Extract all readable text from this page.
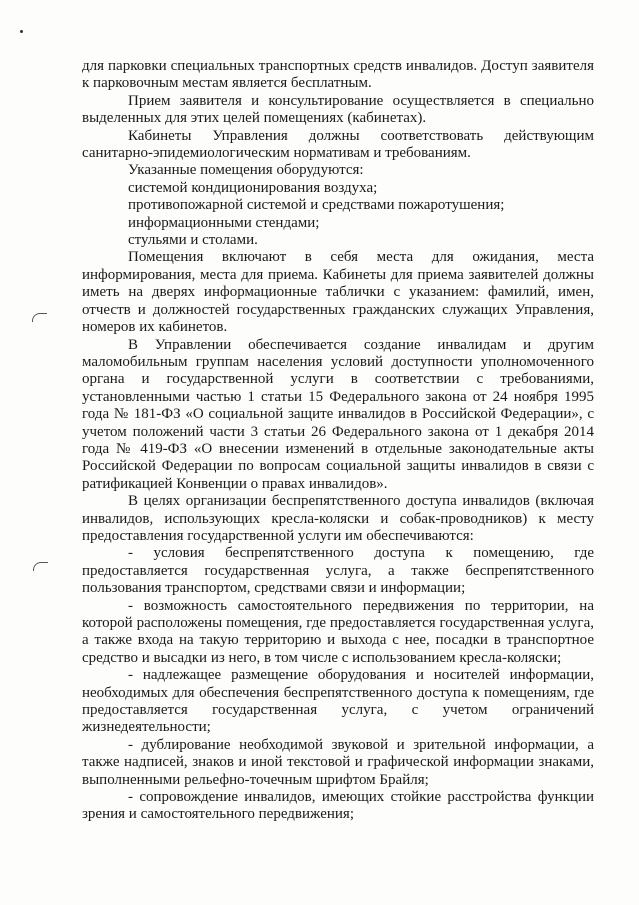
для парковки специальных транспортных средств инвалидов. Доступ заявителя к парковочным местам является бесплатным.

Прием заявителя и консультирование осуществляется в специально выделенных для этих целей помещениях (кабинетах).

Кабинеты Управления должны соответствовать действующим санитарно-эпидемиологическим нормативам и требованиям.

Указанные помещения оборудуются:

системой кондиционирования воздуха;

противопожарной системой и средствами пожаротушения;

информационными стендами;

стульями и столами.

Помещения включают в себя места для ожидания, места информирования, места для приема. Кабинеты для приема заявителей должны иметь на дверях информационные таблички с указанием: фамилий, имен, отчеств и должностей государственных гражданских служащих Управления, номеров их кабинетов.

В Управлении обеспечивается создание инвалидам и другим маломобильным группам населения условий доступности уполномоченного органа и государственной услуги в соответствии с требованиями, установленными частью 1 статьи 15 Федерального закона от 24 ноября 1995 года № 181-ФЗ «О социальной защите инвалидов в Российской Федерации», с учетом положений части 3 статьи 26 Федерального закона от 1 декабря 2014 года № 419-ФЗ «О внесении изменений в отдельные законодательные акты Российской Федерации по вопросам социальной защиты инвалидов в связи с ратификацией Конвенции о правах инвалидов».

В целях организации беспрепятственного доступа инвалидов (включая инвалидов, использующих кресла-коляски и собак-проводников) к месту предоставления государственной услуги им обеспечиваются:

- условия беспрепятственного доступа к помещению, где предоставляется государственная услуга, а также беспрепятственного пользования транспортом, средствами связи и информации;

- возможность самостоятельного передвижения по территории, на которой расположены помещения, где предоставляется государственная услуга, а также входа на такую территорию и выхода с нее, посадки в транспортное средство и высадки из него, в том числе с использованием кресла-коляски;

- надлежащее размещение оборудования и носителей информации, необходимых для обеспечения беспрепятственного доступа к помещениям, где предоставляется государственная услуга, с учетом ограничений жизнедеятельности;

- дублирование необходимой звуковой и зрительной информации, а также надписей, знаков и иной текстовой и графической информации знаками, выполненными рельефно-точечным шрифтом Брайля;

- сопровождение инвалидов, имеющих стойкие расстройства функции зрения и самостоятельного передвижения;
